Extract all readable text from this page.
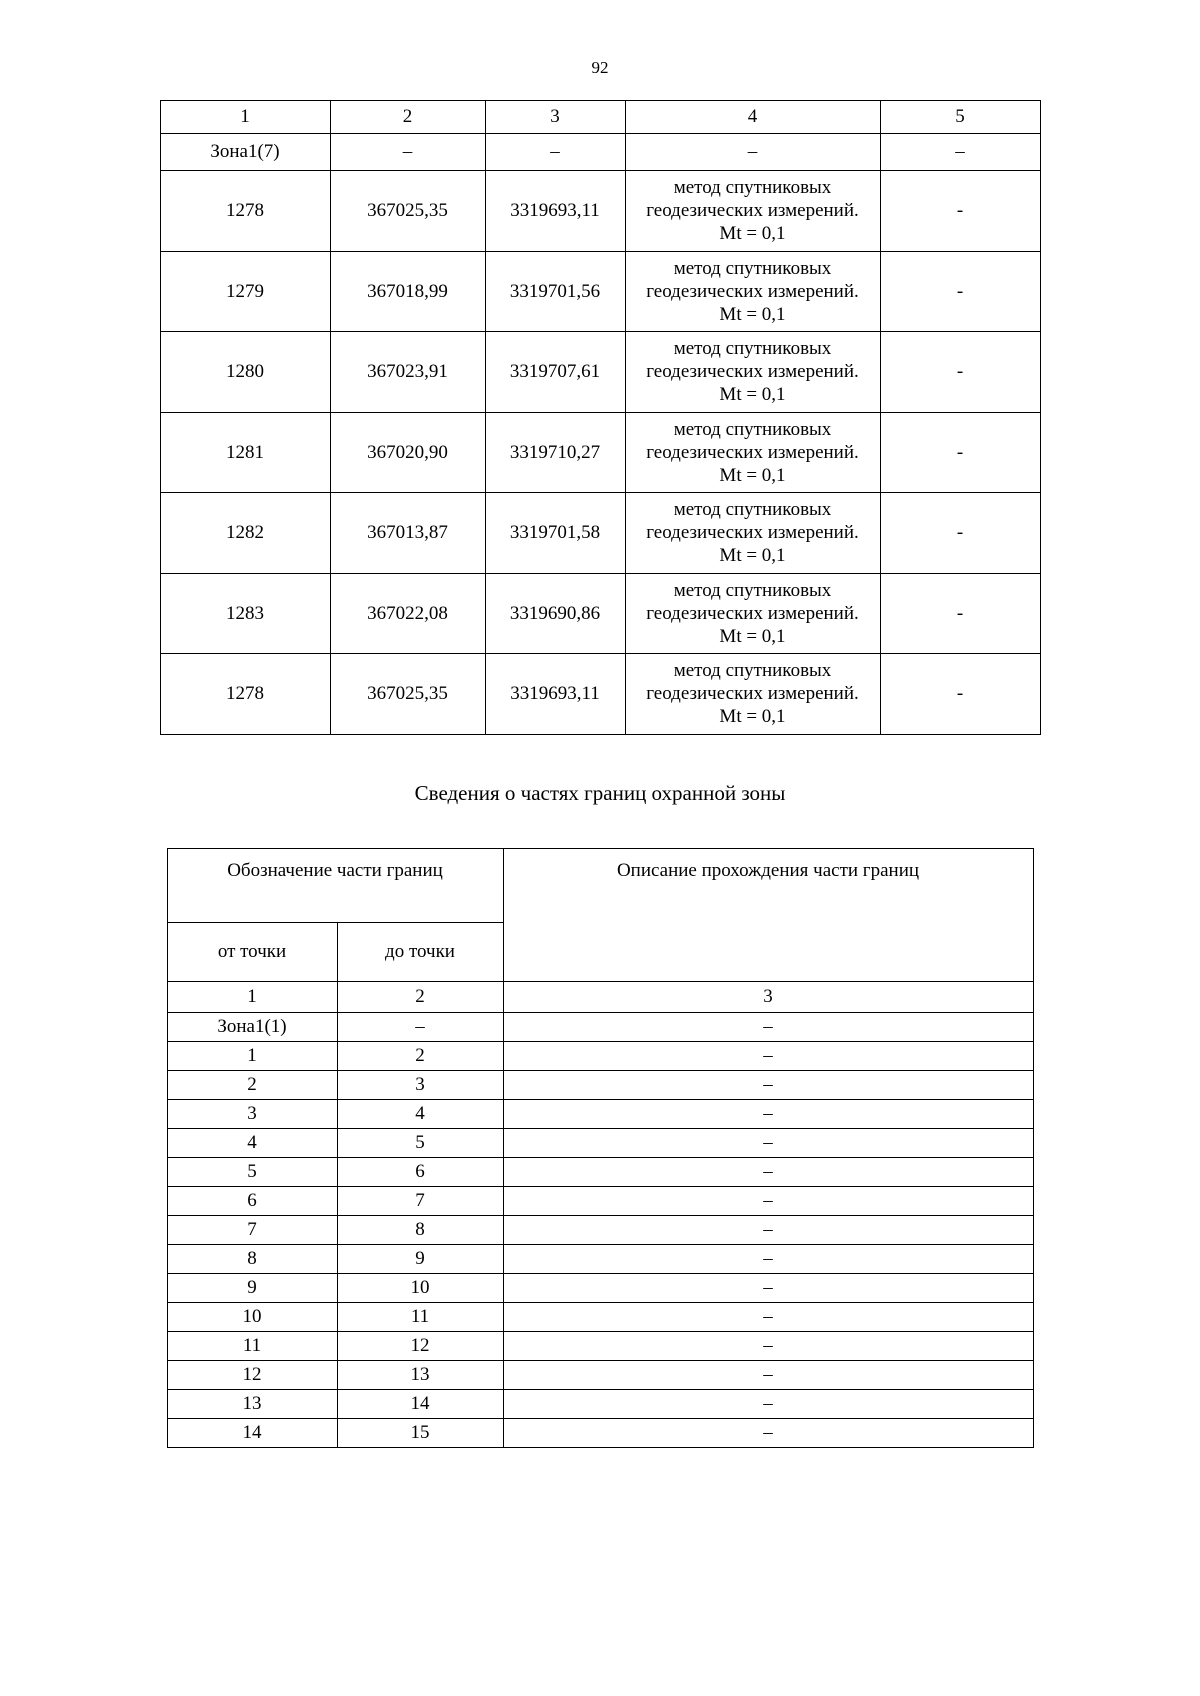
92
1	2	3	4	5
Зона1(7)	–	–	–	–
1278	367025,35	3319693,11	метод спутниковых геодезических измерений. Mt = 0,1	-
1279	367018,99	3319701,56	метод спутниковых геодезических измерений. Mt = 0,1	-
1280	367023,91	3319707,61	метод спутниковых геодезических измерений. Mt = 0,1	-
1281	367020,90	3319710,27	метод спутниковых геодезических измерений. Mt = 0,1	-
1282	367013,87	3319701,58	метод спутниковых геодезических измерений. Mt = 0,1	-
1283	367022,08	3319690,86	метод спутниковых геодезических измерений. Mt = 0,1	-
1278	367025,35	3319693,11	метод спутниковых геодезических измерений. Mt = 0,1	-
Сведения о частях границ охранной зоны
Обозначение части границ		Описание прохождения части границ
от точки	до точки	
1	2	3
Зона1(1)	–	–
1	2	–
2	3	–
3	4	–
4	5	–
5	6	–
6	7	–
7	8	–
8	9	–
9	10	–
10	11	–
11	12	–
12	13	–
13	14	–
14	15	–
